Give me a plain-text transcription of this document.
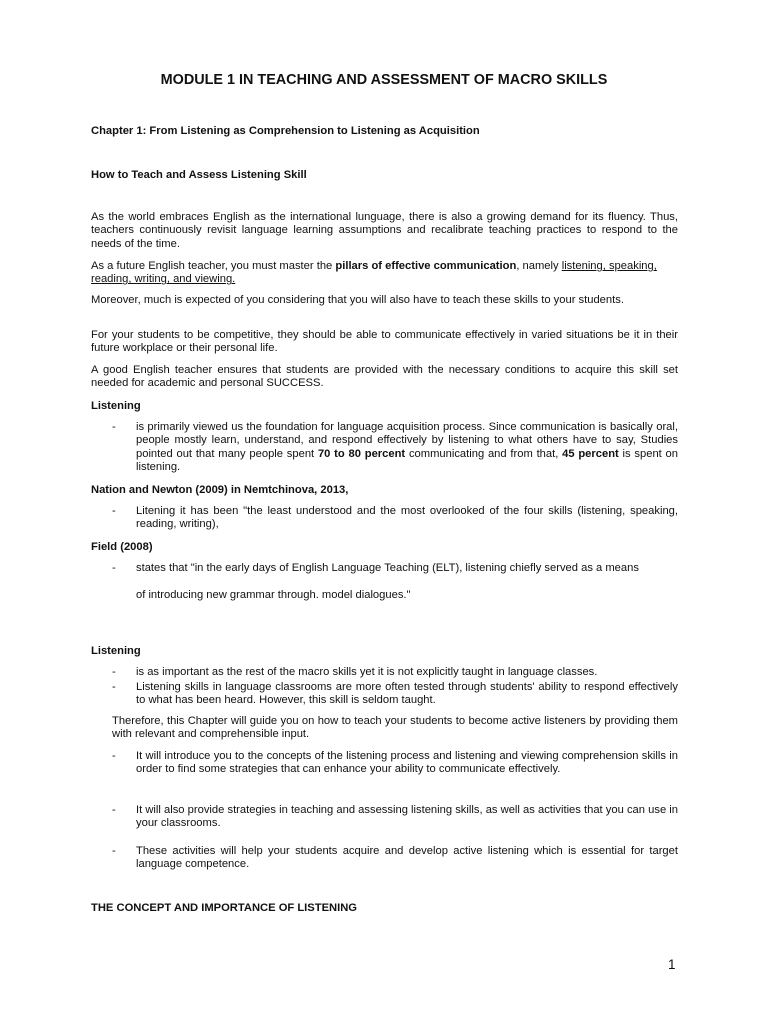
MODULE 1 IN TEACHING AND ASSESSMENT OF MACRO SKILLS

Chapter 1: From Listening as Comprehension to Listening as Acquisition

How to Teach and Assess Listening Skill

As the world embraces English as the international lunguage, there is also a growing demand for its fluency. Thus, teachers continuously revisit language learning assumptions and recalibrate teaching practices to respond to the needs of the time.

As a future English teacher, you must master the pillars of effective communication, namely listening, speaking, reading, writing, and viewing.

Moreover, much is expected of you considering that you will also have to teach these skills to your students.

For your students to be competitive, they should be able to communicate effectively in varied situations be it in their future workplace or their personal life.

A good English teacher ensures that students are provided with the necessary conditions to acquire this skill set needed for academic and personal SUCCESS.

Listening

-	is primarily viewed us the foundation for language acquisition process. Since communication is basically oral, people mostly learn, understand, and respond effectively by listening to what others have to say, Studies pointed out that many people spent 70 to 80 percent communicating and from that, 45 percent is spent on listening.

Nation and Newton (2009) in Nemtchinova, 2013,

-	Litening it has been "the least understood and the most overlooked of the four skills (listening, speaking, reading, writing),

Field (2008)

-	states that "in the early days of English Language Teaching (ELT), listening chiefly served as a means

of introducing new grammar through. model dialogues."

Listening

-	is as important as the rest of the macro skills yet it is not explicitly taught in language classes.

-	Listening skills in language classrooms are more often tested through students' ability to respond effectively to what has been heard. However, this skill is seldom taught.

Therefore, this Chapter will guide you on how to teach your students to become active listeners by providing them with relevant and comprehensible input.

-	It will introduce you to the concepts of the listening process and listening and viewing comprehension skills in order to find some strategies that can enhance your ability to communicate effectively.

-	It will also provide strategies in teaching and assessing listening skills, as well as activities that you can use in your classrooms.

-	These activities will help your students acquire and develop active listening which is essential for target language competence.

THE CONCEPT AND IMPORTANCE OF LISTENING

1
